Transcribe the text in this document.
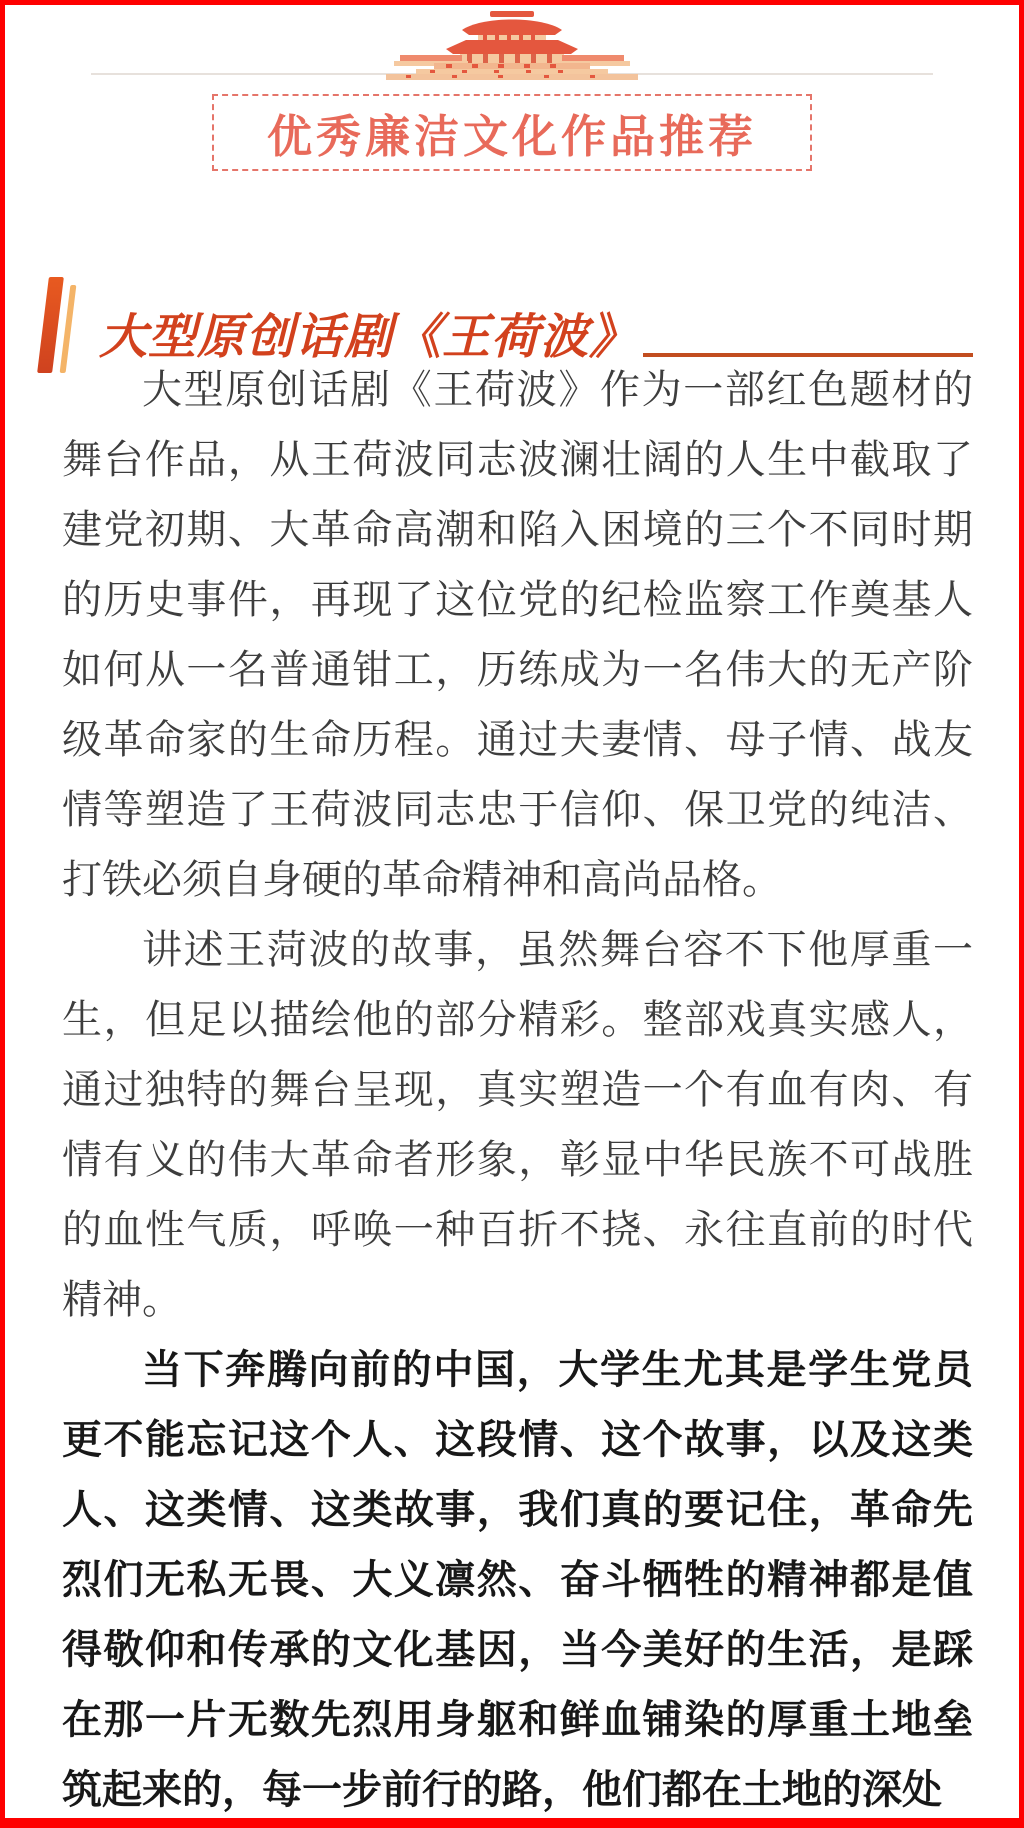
优秀廉洁文化作品推荐
大型原创话剧《王荷波》

大型原创话剧《王荷波》作为一部红色题材的舞台作品，从王荷波同志波澜壮阔的人生中截取了建党初期、大革命高潮和陷入困境的三个不同时期的历史事件，再现了这位党的纪检监察工作奠基人如何从一名普通钳工，历练成为一名伟大的无产阶级革命家的生命历程。通过夫妻情、母子情、战友情等塑造了王荷波同志忠于信仰、保卫党的纯洁、打铁必须自身硬的革命精神和高尚品格。

讲述王菏波的故事，虽然舞台容不下他厚重一生，但足以描绘他的部分精彩。整部戏真实感人，通过独特的舞台呈现，真实塑造一个有血有肉、有情有义的伟大革命者形象，彰显中华民族不可战胜的血性气质，呼唤一种百折不挠、永往直前的时代精神。

当下奔腾向前的中国，大学生尤其是学生党员更不能忘记这个人、这段情、这个故事，以及这类人、这类情、这类故事，我们真的要记住，革命先烈们无私无畏、大义凛然、奋斗牺牲的精神都是值得敬仰和传承的文化基因，当今美好的生活，是踩在那一片无数先烈用身躯和鲜血铺染的厚重土地垒筑起来的，每一步前行的路，他们都在土地的深处
